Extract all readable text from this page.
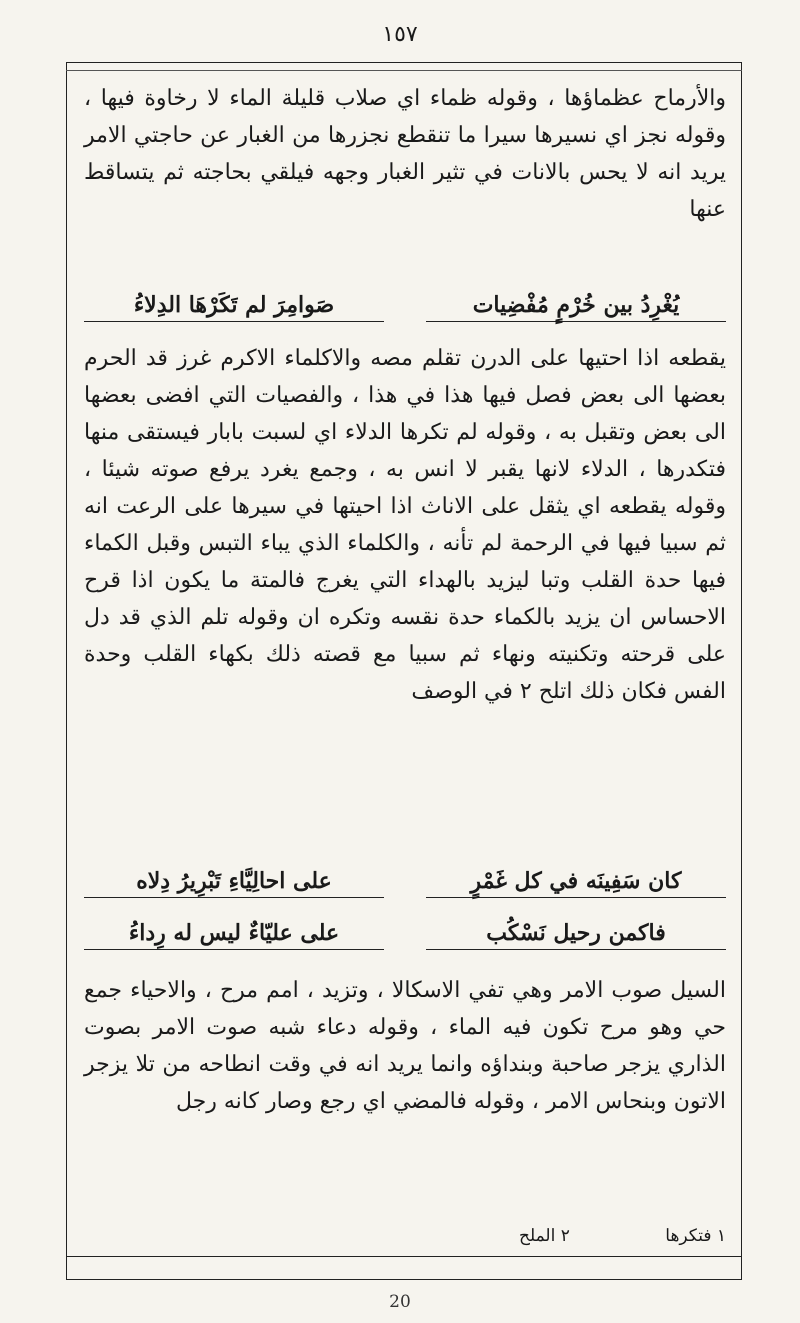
١٥٧

والأرماح عظماؤها ، وقوله ظماء اي صلاب قليلة الماء لا رخاوة فيها ، وقوله نجز اي نسيرها سيرا ما تنقطع نجزرها من الغبار عن حاجتي الامر يريد انه لا يحس بالانات في تثير الغبار وجهه فيلقي بحاجته ثم يتساقط عنها

يُغْرِدُ بين خُرْمٍ مُفْضِيات
صَوامِرَ لم تَكَرْهَا الدِلاءُ

يقطعه اذا احتيها على الدرن تقلم مصه والاكلماء الاكرم غرز قد الحرم بعضها الى بعض فصل فيها هذا في هذا ، والفصيات التي افضى بعضها الى بعض وتقبل به ، وقوله لم تكرها الدلاء اي لسبت بابار فيستقى منها فتكدرها ، الدلاء لانها يقبر لا انس به ، وجمع يغرد يرفع صوته شيئا ، وقوله يقطعه اي يثقل على الاناث اذا احيتها في سيرها على الرعت انه ثم سبيا فيها في الرحمة لم تأنه ، والكلماء الذي يباء التبس وقبل الكماء فيها حدة القلب وتبا ليزيد بالهداء التي يغرج فالمتة ما يكون اذا قرح الاحساس ان يزيد بالكماء حدة نقسه وتكره ان وقوله تلم الذي قد دل على قرحته وتكنيته ونهاء ثم سبيا مع قصته ذلك بكهاء القلب وحدة الفس فكان ذلك اتلح ٢ في الوصف

كان سَفِينَه في كل غَمْرٍ
على احالِيَّاءِ تَبْرِيرُ دِلاه
فاكمن رحيل نَسْكُب
على عليّاءٌ ليس له رِداءُ

السيل صوب الامر وهي تفي الاسكالا ، وتزيد ، امم مرح ، والاحياء جمع حي وهو مرح تكون فيه الماء ، وقوله دعاء شبه صوت الامر بصوت الذاري يزجر صاحبة وبنداؤه وانما يريد انه في وقت انطاحه من تلا يزجر الاتون وبنحاس الامر ، وقوله فالمضي اي رجع وصار كانه رجل

١ فتكرها ٢ الملح
20
